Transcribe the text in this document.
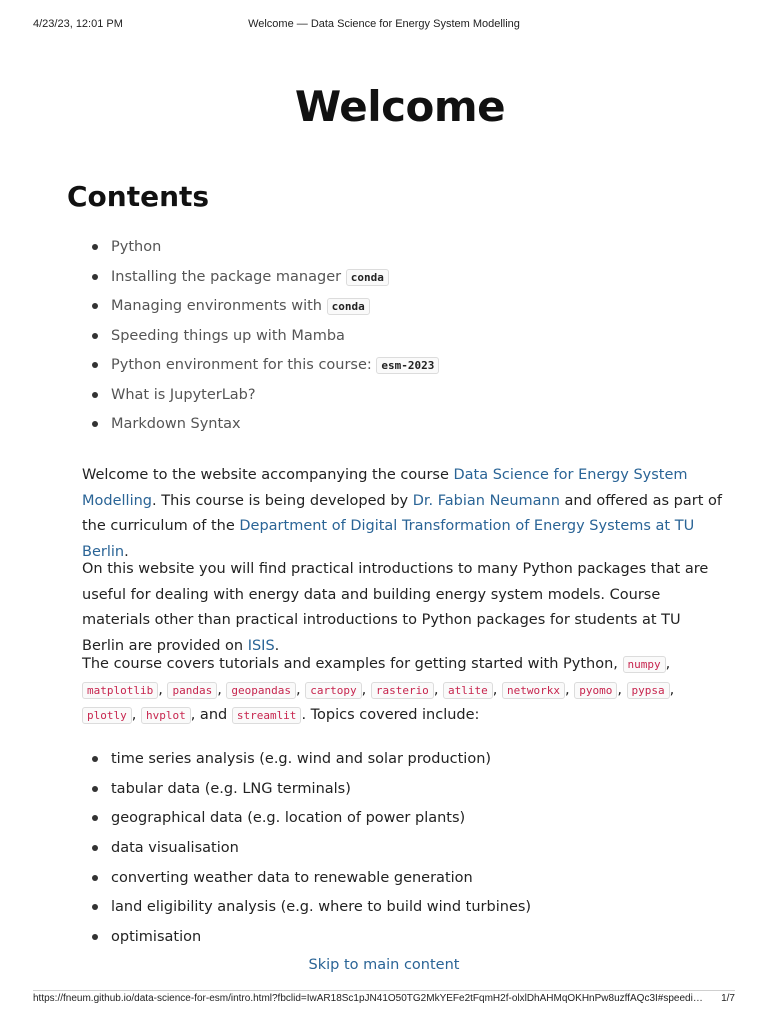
4/23/23, 12:01 PM	Welcome — Data Science for Energy System Modelling
Welcome
Contents
Python
Installing the package manager conda
Managing environments with conda
Speeding things up with Mamba
Python environment for this course: esm-2023
What is JupyterLab?
Markdown Syntax

Welcome to the website accompanying the course Data Science for Energy System Modelling. This course is being developed by Dr. Fabian Neumann and offered as part of the curriculum of the Department of Digital Transformation of Energy Systems at TU Berlin.

On this website you will find practical introductions to many Python packages that are useful for dealing with energy data and building energy system models. Course materials other than practical introductions to Python packages for students at TU Berlin are provided on ISIS.

The course covers tutorials and examples for getting started with Python, numpy , matplotlib , pandas , geopandas , cartopy , rasterio , atlite , networkx , pyomo , pypsa , plotly , hvplot , and streamlit . Topics covered include:

time series analysis (e.g. wind and solar production)
tabular data (e.g. LNG terminals)
geographical data (e.g. location of power plants)
data visualisation
converting weather data to renewable generation
land eligibility analysis (e.g. where to build wind turbines)
optimisation
Skip to main content
https://fneum.github.io/data-science-for-esm/intro.html?fbclid=IwAR18Sc1pJN41O50TG2MkYEFe2tFqmH2f-olxlDhAHMqOKHnPw8uzffAQc3I#speedi…	1/7
